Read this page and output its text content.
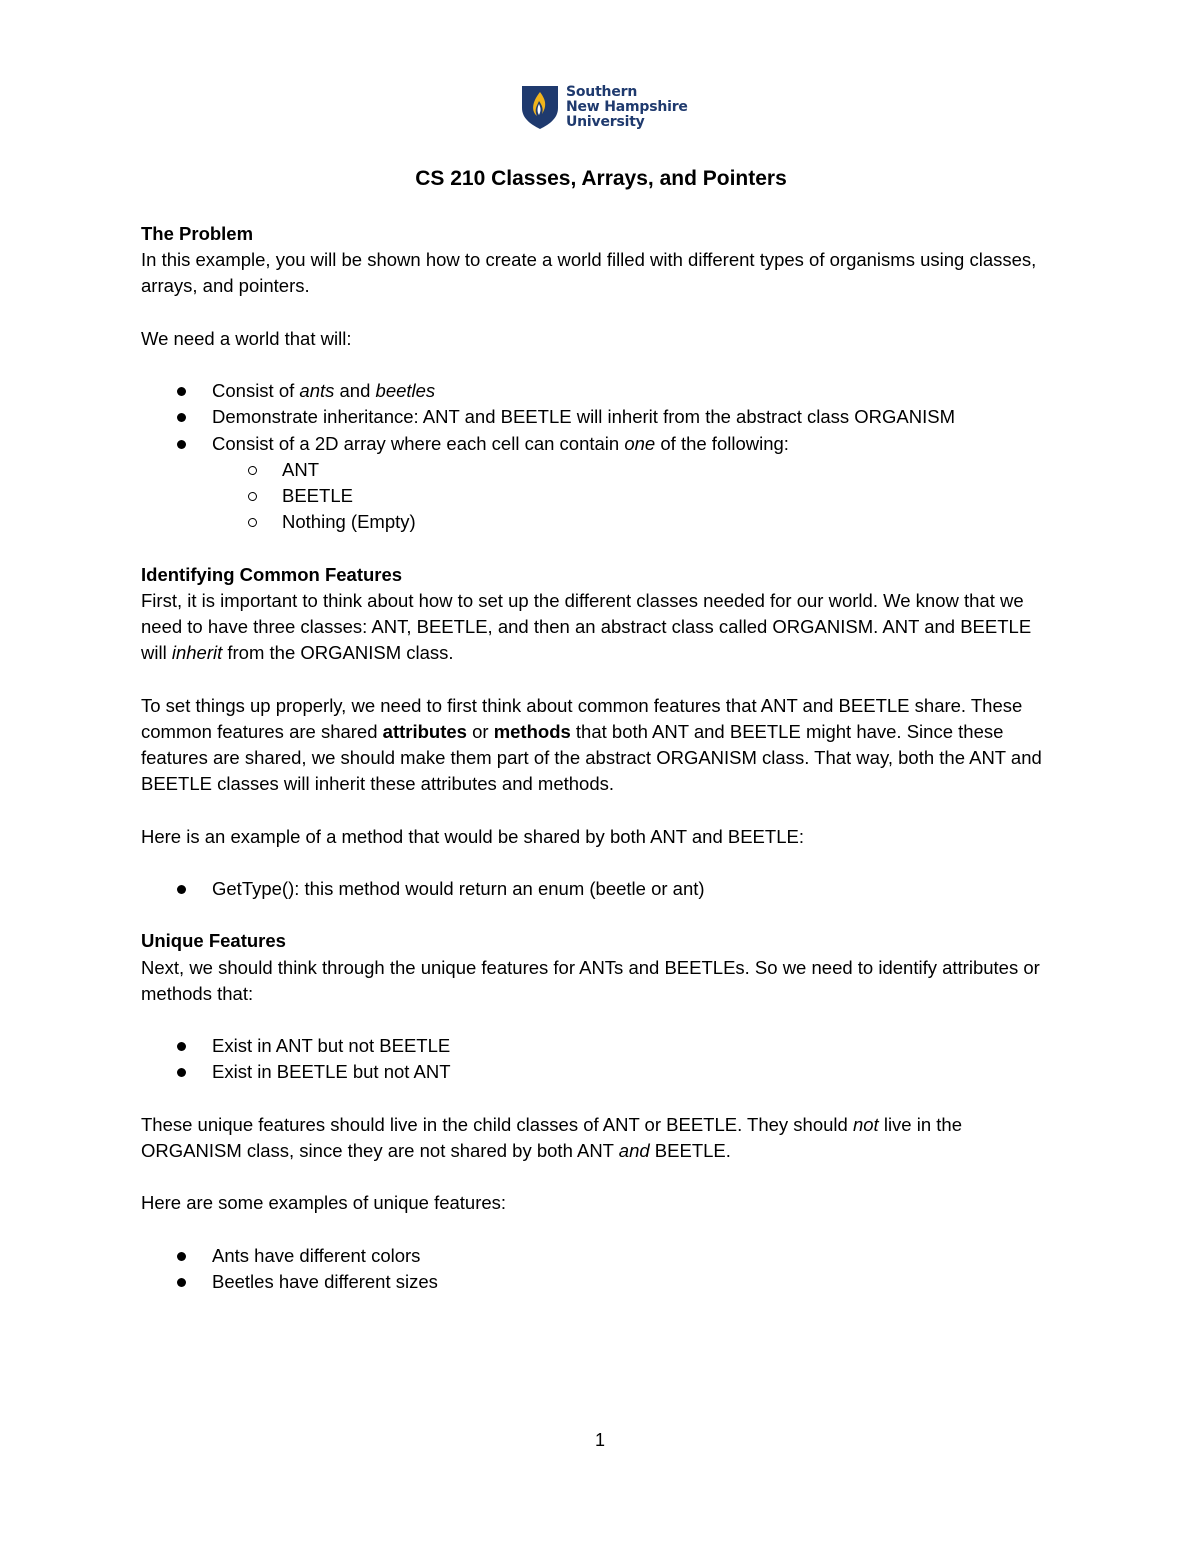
Southern
New Hampshire
University
CS 210 Classes, Arrays, and Pointers
The Problem

In this example, you will be shown how to create a world filled with different types of organisms using classes, arrays, and pointers.

We need a world that will:

Consist of ants and beetles
Demonstrate inheritance: ANT and BEETLE will inherit from the abstract class ORGANISM
Consist of a 2D array where each cell can contain one of the following:
ANT
BEETLE
Nothing (Empty)
Identifying Common Features

First, it is important to think about how to set up the different classes needed for our world. We know that we need to have three classes: ANT, BEETLE, and then an abstract class called ORGANISM. ANT and BEETLE will inherit from the ORGANISM class.

To set things up properly, we need to first think about common features that ANT and BEETLE share. These common features are shared attributes or methods that both ANT and BEETLE might have. Since these features are shared, we should make them part of the abstract ORGANISM class. That way, both the ANT and BEETLE classes will inherit these attributes and methods.

Here is an example of a method that would be shared by both ANT and BEETLE:

GetType(): this method would return an enum (beetle or ant)
Unique Features

Next, we should think through the unique features for ANTs and BEETLEs. So we need to identify attributes or methods that:

Exist in ANT but not BEETLE
Exist in BEETLE but not ANT

These unique features should live in the child classes of ANT or BEETLE. They should not live in the ORGANISM class, since they are not shared by both ANT and BEETLE.

Here are some examples of unique features:

Ants have different colors
Beetles have different sizes
1
